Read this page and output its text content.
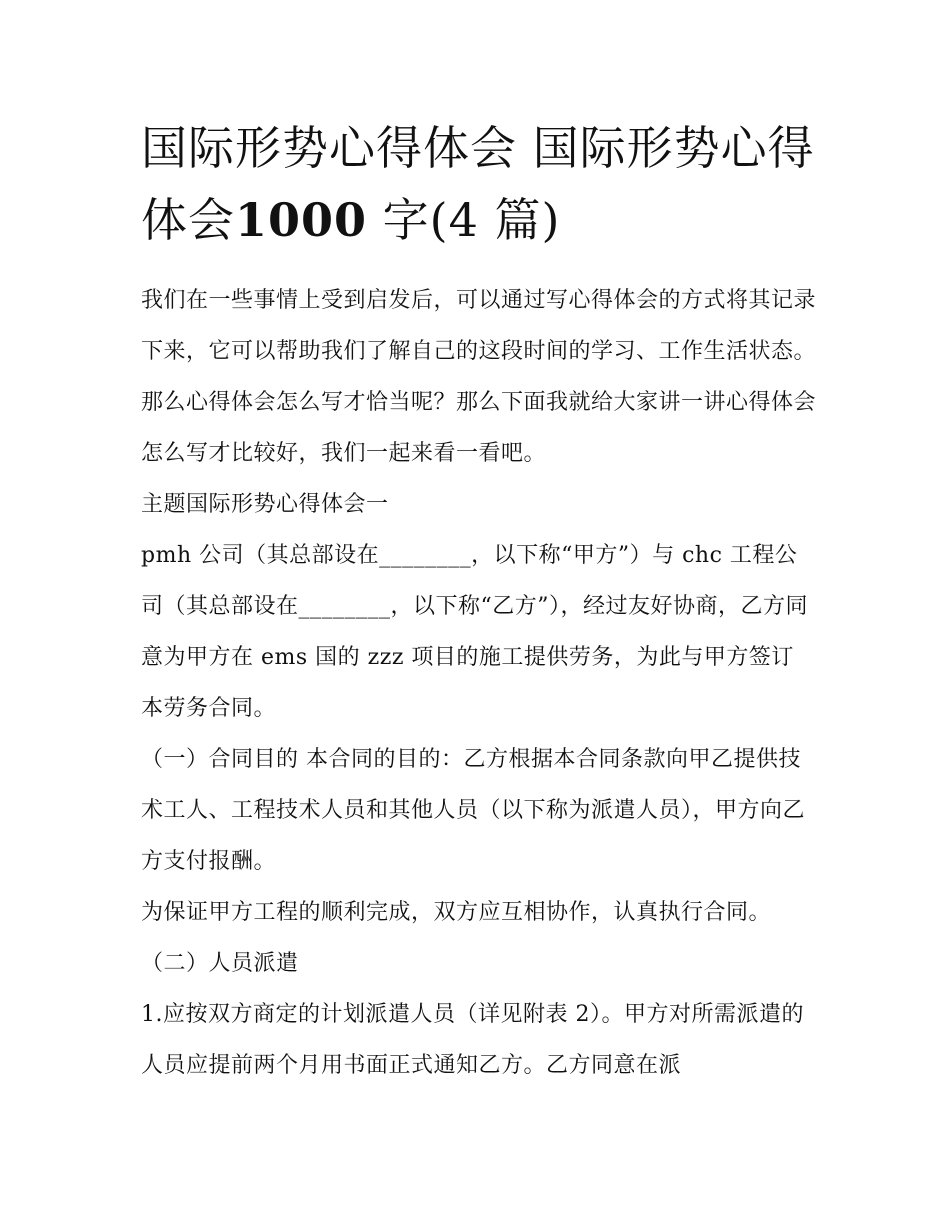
国际形势心得体会 国际形势心得体会1000 字(4 篇)

我们在一些事情上受到启发后，可以通过写心得体会的方式将其记录下来，它可以帮助我们了解自己的这段时间的学习、工作生活状态。那么心得体会怎么写才恰当呢？那么下面我就给大家讲一讲心得体会怎么写才比较好，我们一起来看一看吧。

主题国际形势心得体会一

pmh 公司（其总部设在________，以下称“甲方”）与 chc 工程公司（其总部设在________，以下称“乙方”），经过友好协商，乙方同意为甲方在 ems 国的 zzz 项目的施工提供劳务，为此与甲方签订本劳务合同。

（一）合同目的 本合同的目的：乙方根据本合同条款向甲乙提供技术工人、工程技术人员和其他人员（以下称为派遣人员），甲方向乙方支付报酬。

为保证甲方工程的顺利完成，双方应互相协作，认真执行合同。（二）人员派遣

1.应按双方商定的计划派遣人员（详见附表 2）。甲方对所需派遣的人员应提前两个月用书面正式通知乙方。乙方同意在派
